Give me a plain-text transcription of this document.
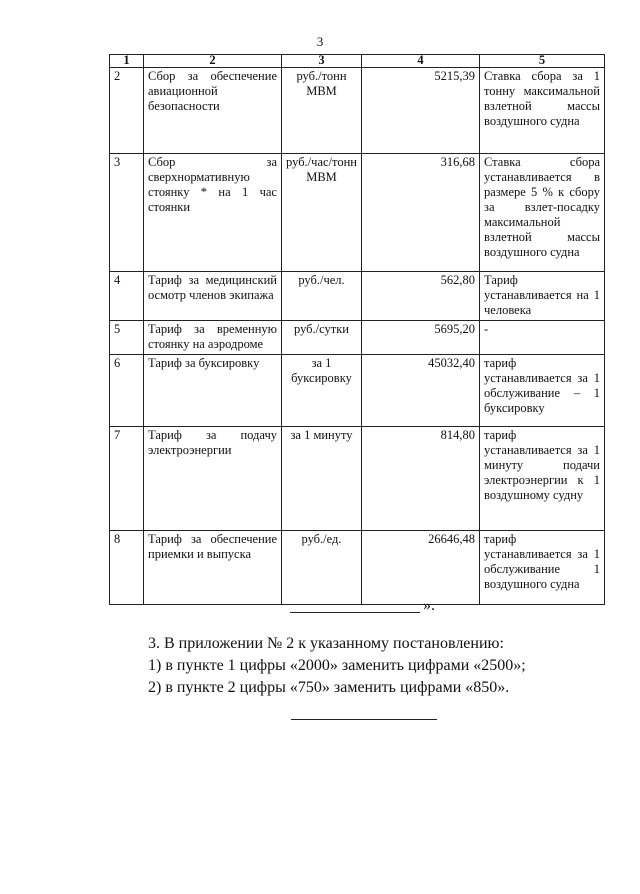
3
1	2	3	4	5
2	Сбор за обеспечение авиационной безопасности	руб./тонн МВМ	5215,39	Ставка сбора за 1 тонну максимальной взлетной массы воздушного судна
3	Сбор за сверхнормативную стоянку * на 1 час стоянки	руб./час/тонн МВМ	316,68	Ставка сбора устанавливается в размере 5 % к сбору за взлет-посадку максимальной взлетной массы воздушного судна
4	Тариф за медицинский осмотр членов экипажа	руб./чел.	562,80	Тариф устанавливается на 1 человека
5	Тариф за временную стоянку на аэродроме	руб./сутки	5695,20	-
6	Тариф за буксировку	за 1 буксировку	45032,40	тариф устанавливается за 1 обслуживание – 1 буксировку
7	Тариф за подачу электроэнергии	за 1 минуту	814,80	тариф устанавливается за 1 минуту подачи электроэнергии к 1 воздушному судну
8	Тариф за обеспечение приемки и выпуска	руб./ед.	26646,48	тариф устанавливается за 1 обслуживание 1 воздушного судна
».
3. В приложении № 2 к указанному постановлению:
1) в пункте 1 цифры «2000» заменить цифрами «2500»;
2) в пункте 2 цифры «750» заменить цифрами «850».
